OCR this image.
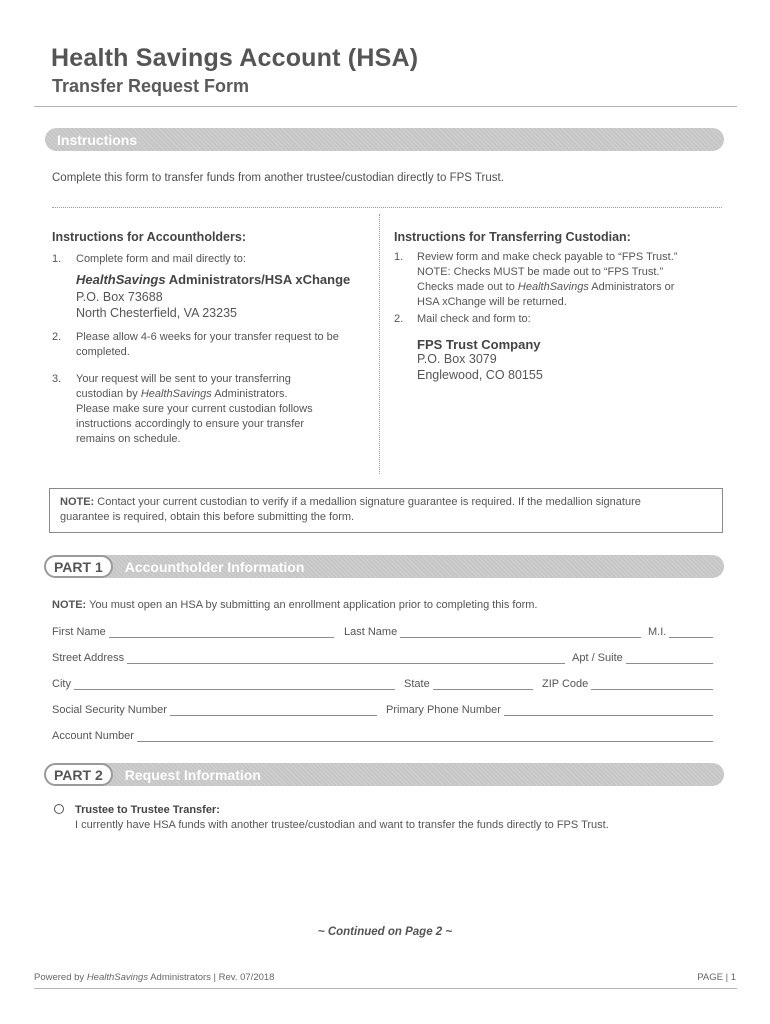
Health Savings Account (HSA)
Transfer Request Form
Instructions
Complete this form to transfer funds from another trustee/custodian directly to FPS Trust.
Instructions for Accountholders:
1. Complete form and mail directly to:
HealthSavings Administrators/HSA xChange
P.O. Box 73688
North Chesterfield, VA 23235
2. Please allow 4-6 weeks for your transfer request to be
completed.
3. Your request will be sent to your transferring
custodian by HealthSavings Administrators.
Please make sure your current custodian follows
instructions accordingly to ensure your transfer
remains on schedule.
Instructions for Transferring Custodian:
1. Review form and make check payable to “FPS Trust.”
NOTE: Checks MUST be made out to “FPS Trust.”
Checks made out to HealthSavings Administrators or
HSA xChange will be returned.
2. Mail check and form to:
FPS Trust Company
P.O. Box 3079
Englewood, CO 80155
NOTE: Contact your current custodian to verify if a medallion signature guarantee is required. If the medallion signature
guarantee is required, obtain this before submitting the form.
PART 1	Accountholder Information
NOTE: You must open an HSA by submitting an enrollment application prior to completing this form.
First Name	Last Name	M.I.
Street Address	Apt / Suite
City	State	ZIP Code
Social Security Number	Primary Phone Number
Account Number
PART 2	Request Information
Trustee to Trustee Transfer:
I currently have HSA funds with another trustee/custodian and want to transfer the funds directly to FPS Trust.
~ Continued on Page 2 ~
Powered by HealthSavings Administrators | Rev. 07/2018	PAGE | 1
